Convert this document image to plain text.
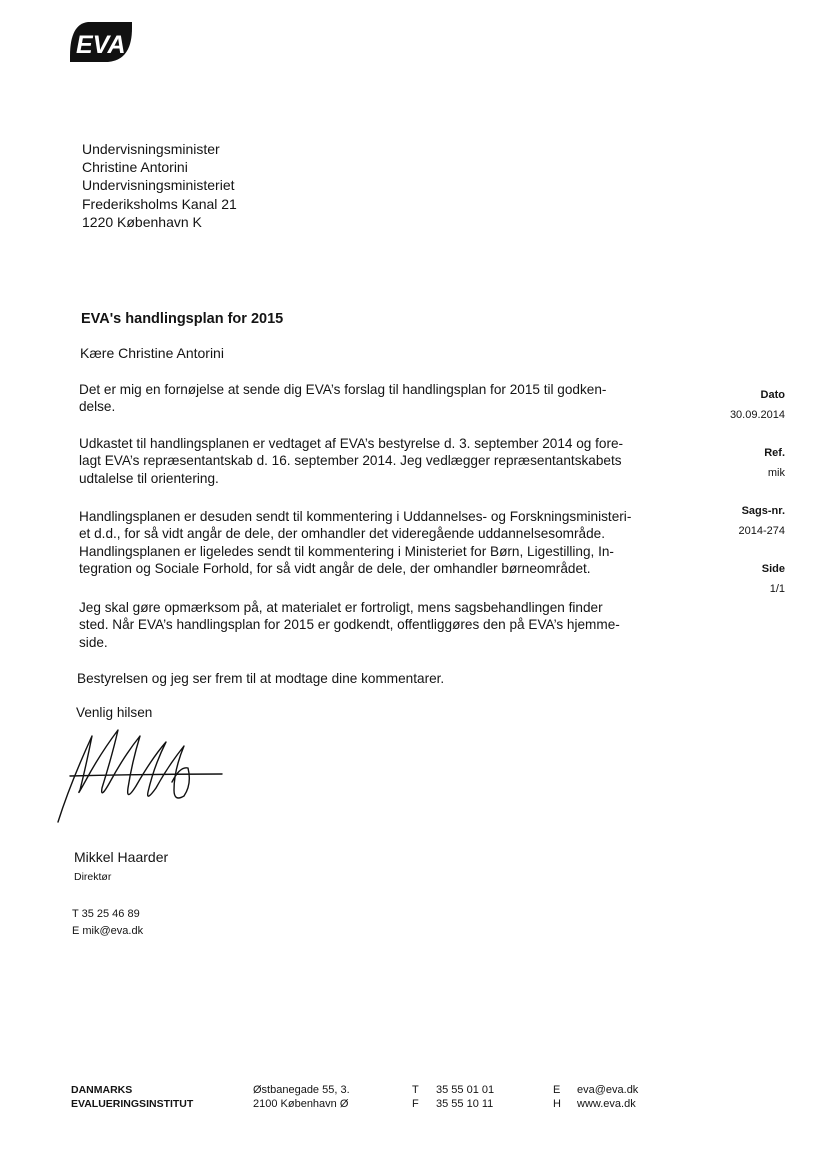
EVA
Undervisningsminister
Christine Antorini
Undervisningsministeriet
Frederiksholms Kanal 21
1220 København K
EVA's handlingsplan for 2015
Kære Christine Antorini
Det er mig en fornøjelse at sende dig EVA’s forslag til handlingsplan for 2015 til godken-
delse.
Udkastet til handlingsplanen er vedtaget af EVA’s bestyrelse d. 3. september 2014 og fore-
lagt EVA’s repræsentantskab d. 16. september 2014. Jeg vedlægger repræsentantskabets
udtalelse til orientering.
Handlingsplanen er desuden sendt til kommentering i Uddannelses- og Forskningsministeri-
et d.d., for så vidt angår de dele, der omhandler det videregående uddannelsesområde.
Handlingsplanen er ligeledes sendt til kommentering i Ministeriet for Børn, Ligestilling, In-
tegration og Sociale Forhold, for så vidt angår de dele, der omhandler børneområdet.
Jeg skal gøre opmærksom på, at materialet er fortroligt, mens sagsbehandlingen finder
sted. Når EVA’s handlingsplan for 2015 er godkendt, offentliggøres den på EVA’s hjemme-
side.
Bestyrelsen og jeg ser frem til at modtage dine kommentarer.
Venlig hilsen
Mikkel Haarder
Direktør
T 35 25 46 89
E mik@eva.dk
Dato
30.09.2014
Ref.
mik
Sags-nr.
2014-274
Side
1/1
DANMARKS
EVALUERINGSINSTITUT
Østbanegade 55, 3.
2100 København Ø
T 35 55 01 01
F 35 55 10 11
E eva@eva.dk
H www.eva.dk
